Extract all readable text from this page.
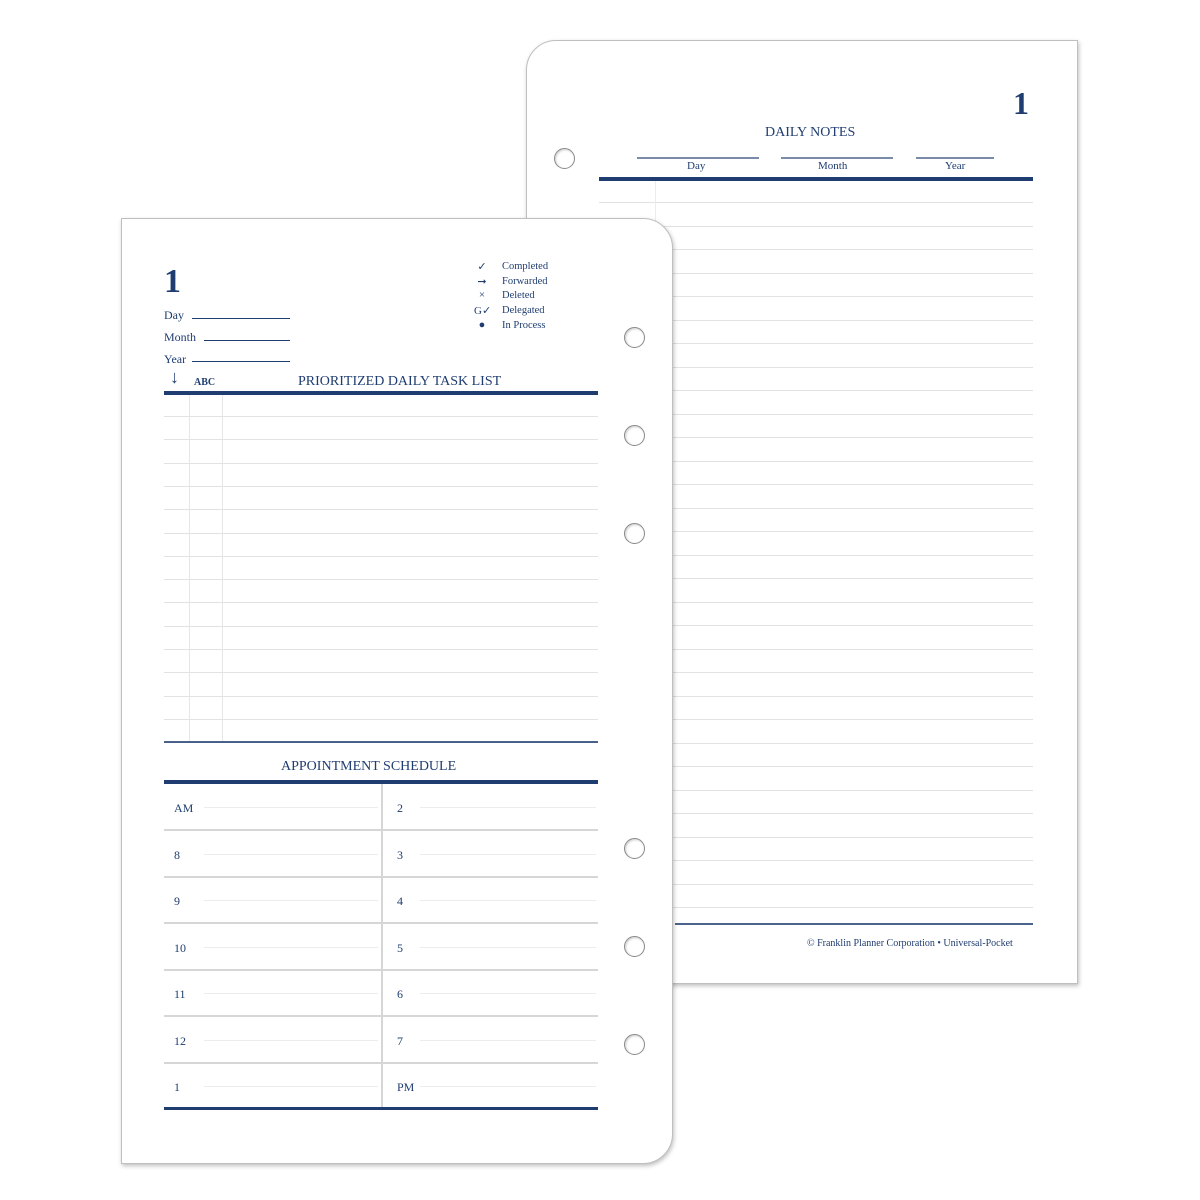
1
DAILY NOTES
Day	Month	Year
© Franklin Planner Corporation • Universal-Pocket
1
Day
Month
Year
✓	Completed
➞	Forwarded
×	Deleted
G✓ Delegated
●	In Process
↓ ABC	PRIORITIZED DAILY TASK LIST
APPOINTMENT SCHEDULE
AM	2
8	3
9	4
10	5
11	6
12	7
1	PM
